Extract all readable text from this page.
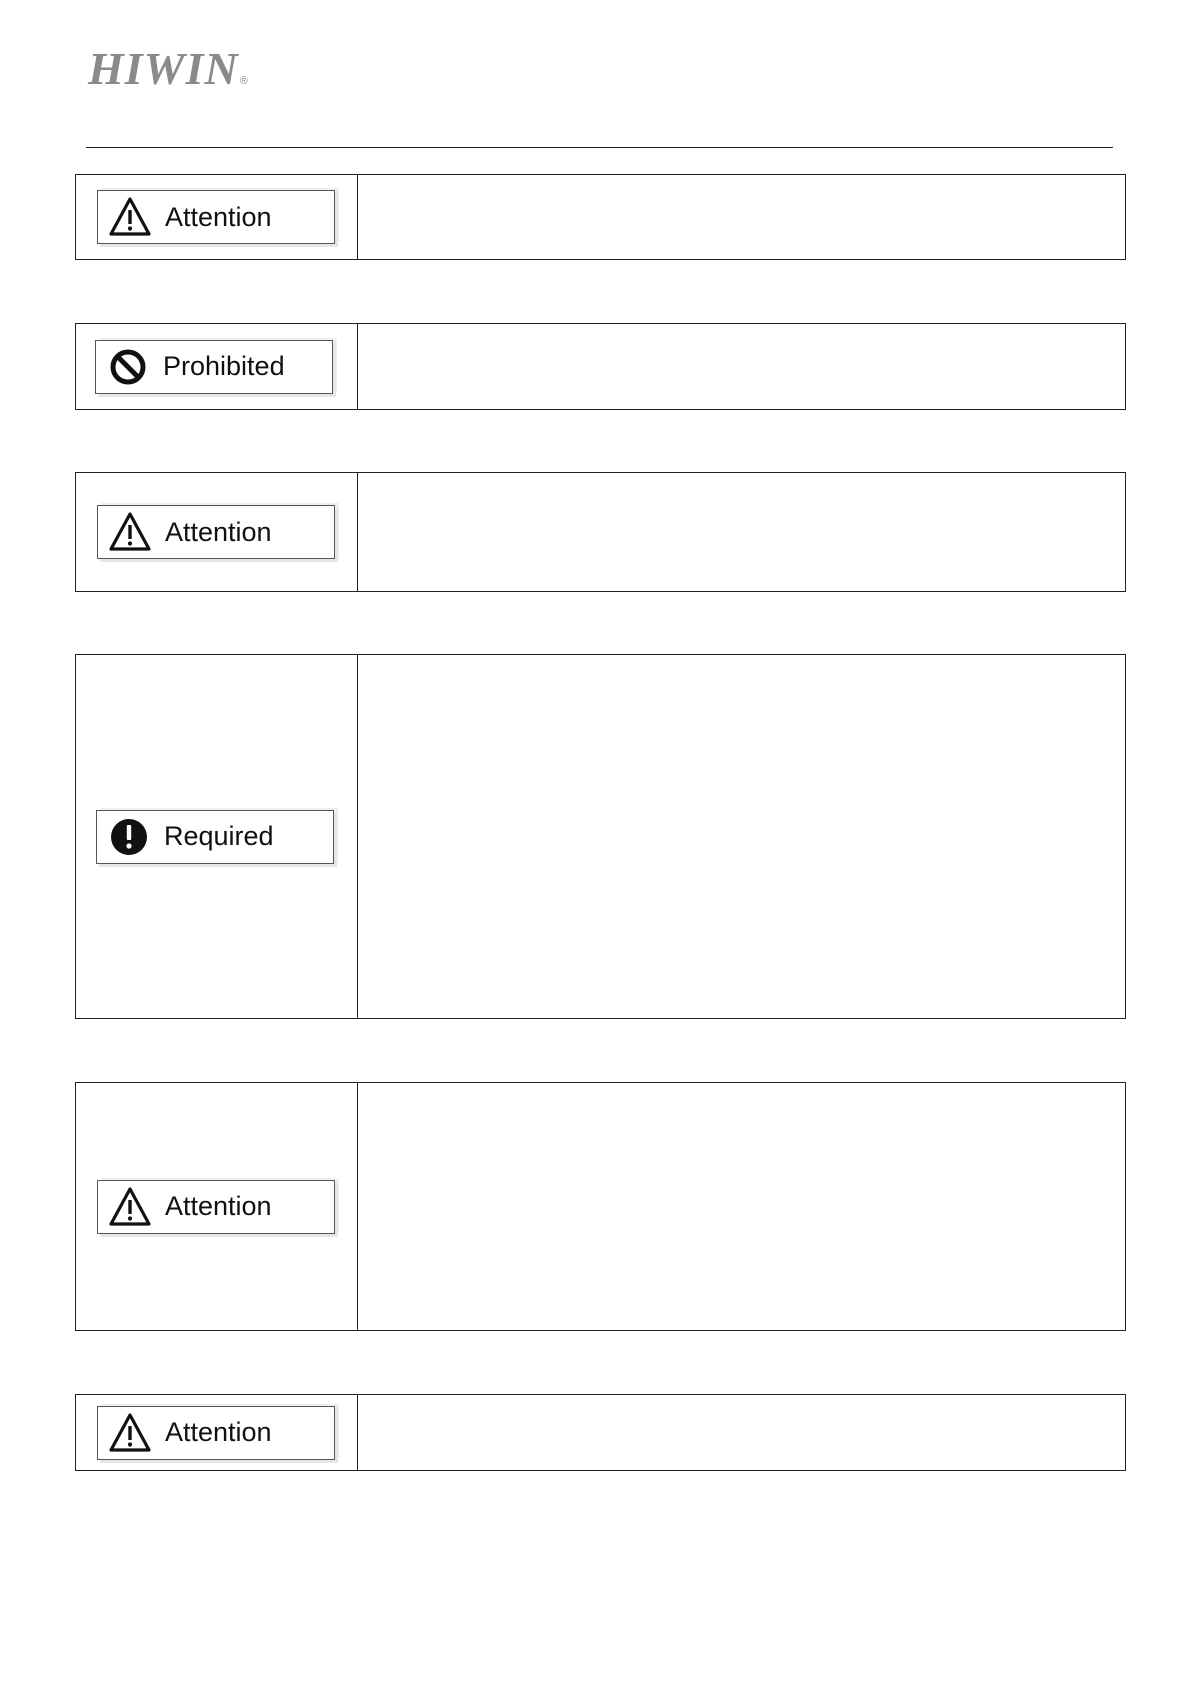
HIWIN®
Attention
Prohibited
Attention
Required
Attention
Attention
